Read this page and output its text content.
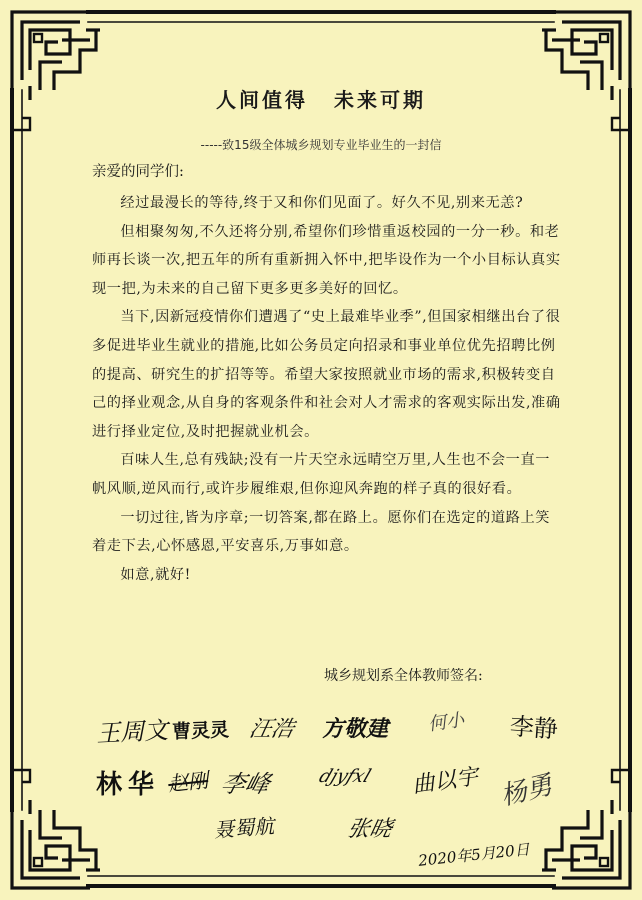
人间值得 未来可期
-----致15级全体城乡规划专业毕业生的一封信
亲爱的同学们:

经过最漫长的等待,终于又和你们见面了。好久不见,别来无恙?

但相聚匆匆,不久还将分别,希望你们珍惜重返校园的一分一秒。和老师再长谈一次,把五年的所有重新拥入怀中,把毕设作为一个小目标认真实现一把,为未来的自己留下更多更多美好的回忆。

当下,因新冠疫情你们遭遇了“史上最难毕业季”,但国家相继出台了很多促进毕业生就业的措施,比如公务员定向招录和事业单位优先招聘比例的提高、研究生的扩招等等。希望大家按照就业市场的需求,积极转变自己的择业观念,从自身的客观条件和社会对人才需求的客观实际出发,准确进行择业定位,及时把握就业机会。

百味人生,总有残缺;没有一片天空永远晴空万里,人生也不会一直一帆风顺,逆风而行,或许步履维艰,但你迎风奔跑的样子真的很好看。

一切过往,皆为序章;一切答案,都在路上。愿你们在选定的道路上笑着走下去,心怀感恩,平安喜乐,万事如意。

如意,就好!

城乡规划系全体教师签名:
王周文 曹灵灵 汪浩 方敬建 何小 李静
林华 赵刚 李峰 djyfxl 曲以宇 杨勇
聂蜀航	张晓
2020年5月20日
